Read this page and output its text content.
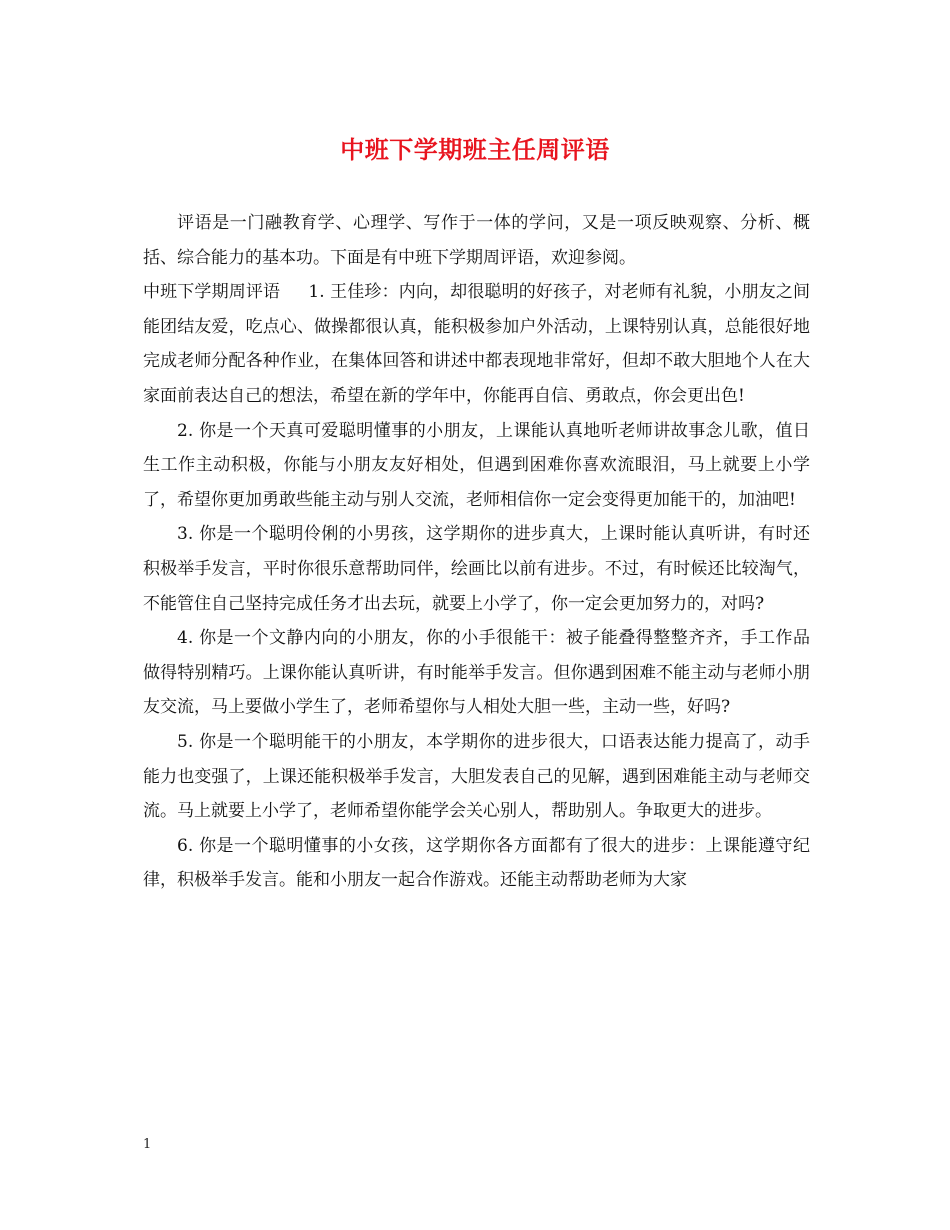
中班下学期班主任周评语

评语是一门融教育学、心理学、写作于一体的学问，又是一项反映观察、分析、概括、综合能力的基本功。下面是有中班下学期周评语，欢迎参阅。

中班下学期周评语 　 1. 王佳珍：内向，却很聪明的好孩子，对老师有礼貌，小朋友之间能团结友爱，吃点心、做操都很认真，能积极参加户外活动，上课特别认真，总能很好地完成老师分配各种作业，在集体回答和讲述中都表现地非常好，但却不敢大胆地个人在大家面前表达自己的想法，希望在新的学年中，你能再自信、勇敢点，你会更出色!

2. 你是一个天真可爱聪明懂事的小朋友，上课能认真地听老师讲故事念儿歌，值日生工作主动积极，你能与小朋友友好相处，但遇到困难你喜欢流眼泪，马上就要上小学了，希望你更加勇敢些能主动与别人交流，老师相信你一定会变得更加能干的，加油吧!

3. 你是一个聪明伶俐的小男孩，这学期你的进步真大，上课时能认真听讲，有时还积极举手发言，平时你很乐意帮助同伴，绘画比以前有进步。不过，有时候还比较淘气，不能管住自己坚持完成任务才出去玩，就要上小学了，你一定会更加努力的，对吗?

4. 你是一个文静内向的小朋友，你的小手很能干：被子能叠得整整齐齐，手工作品做得特别精巧。上课你能认真听讲，有时能举手发言。但你遇到困难不能主动与老师小朋友交流，马上要做小学生了，老师希望你与人相处大胆一些，主动一些，好吗?

5. 你是一个聪明能干的小朋友，本学期你的进步很大，口语表达能力提高了，动手能力也变强了，上课还能积极举手发言，大胆发表自己的见解，遇到困难能主动与老师交流。马上就要上小学了，老师希望你能学会关心别人，帮助别人。争取更大的进步。

6. 你是一个聪明懂事的小女孩，这学期你各方面都有了很大的进步：上课能遵守纪律，积极举手发言。能和小朋友一起合作游戏。还能主动帮助老师为大家

1
